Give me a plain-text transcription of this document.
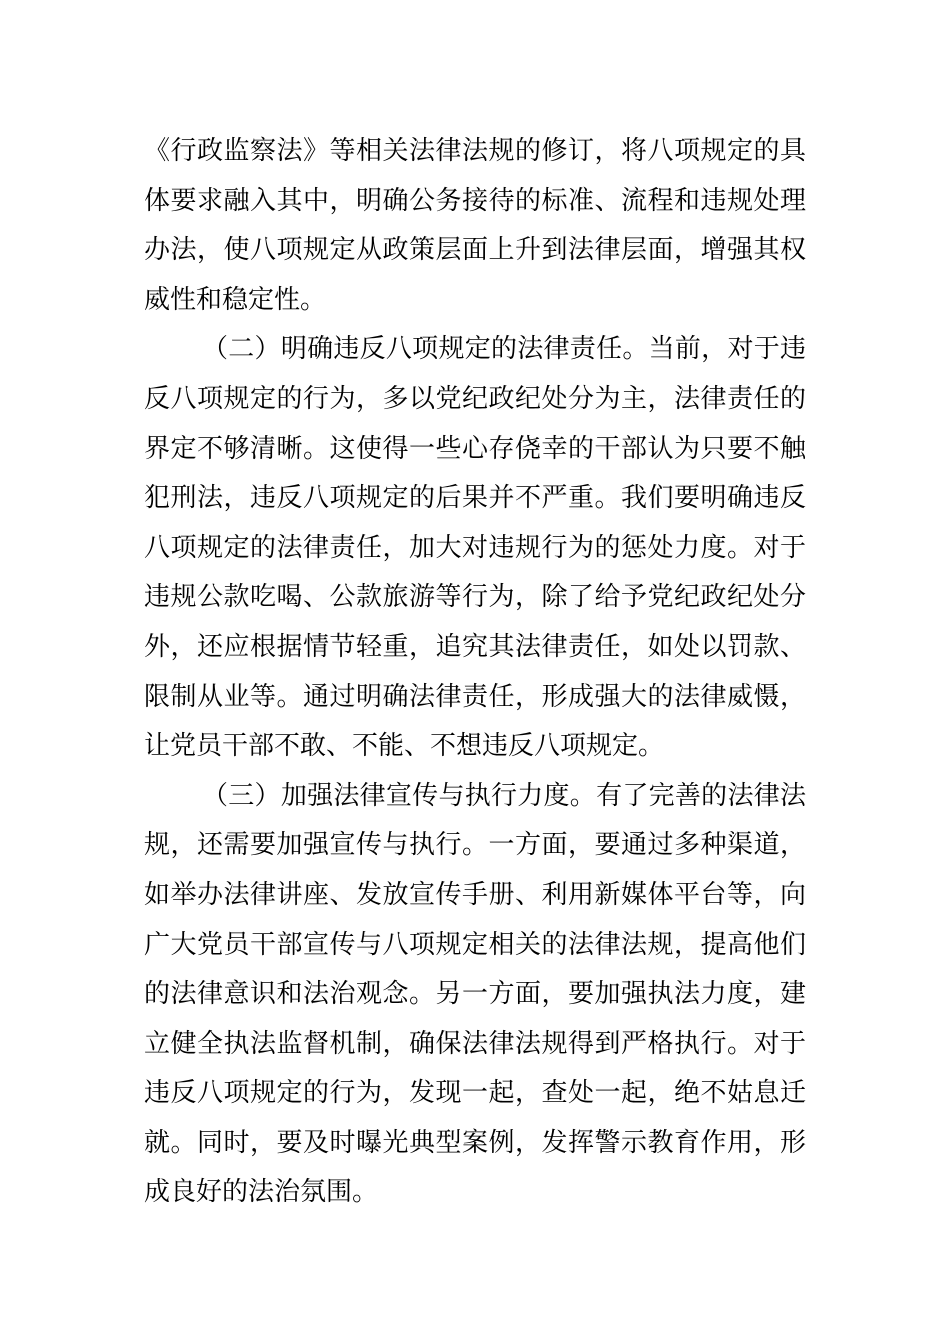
《行政监察法》等相关法律法规的修订，将八项规定的具
体要求融入其中，明确公务接待的标准、流程和违规处理
办法，使八项规定从政策层面上升到法律层面，增强其权
威性和稳定性。
（二）明确违反八项规定的法律责任。当前，对于违
反八项规定的行为，多以党纪政纪处分为主，法律责任的
界定不够清晰。这使得一些心存侥幸的干部认为只要不触
犯刑法，违反八项规定的后果并不严重。我们要明确违反
八项规定的法律责任，加大对违规行为的惩处力度。对于
违规公款吃喝、公款旅游等行为，除了给予党纪政纪处分
外，还应根据情节轻重，追究其法律责任，如处以罚款、
限制从业等。通过明确法律责任，形成强大的法律威慑，
让党员干部不敢、不能、不想违反八项规定。
（三）加强法律宣传与执行力度。有了完善的法律法
规，还需要加强宣传与执行。一方面，要通过多种渠道，
如举办法律讲座、发放宣传手册、利用新媒体平台等，向
广大党员干部宣传与八项规定相关的法律法规，提高他们
的法律意识和法治观念。另一方面，要加强执法力度，建
立健全执法监督机制，确保法律法规得到严格执行。对于
违反八项规定的行为，发现一起，查处一起，绝不姑息迁
就。同时，要及时曝光典型案例，发挥警示教育作用，形
成良好的法治氛围。
